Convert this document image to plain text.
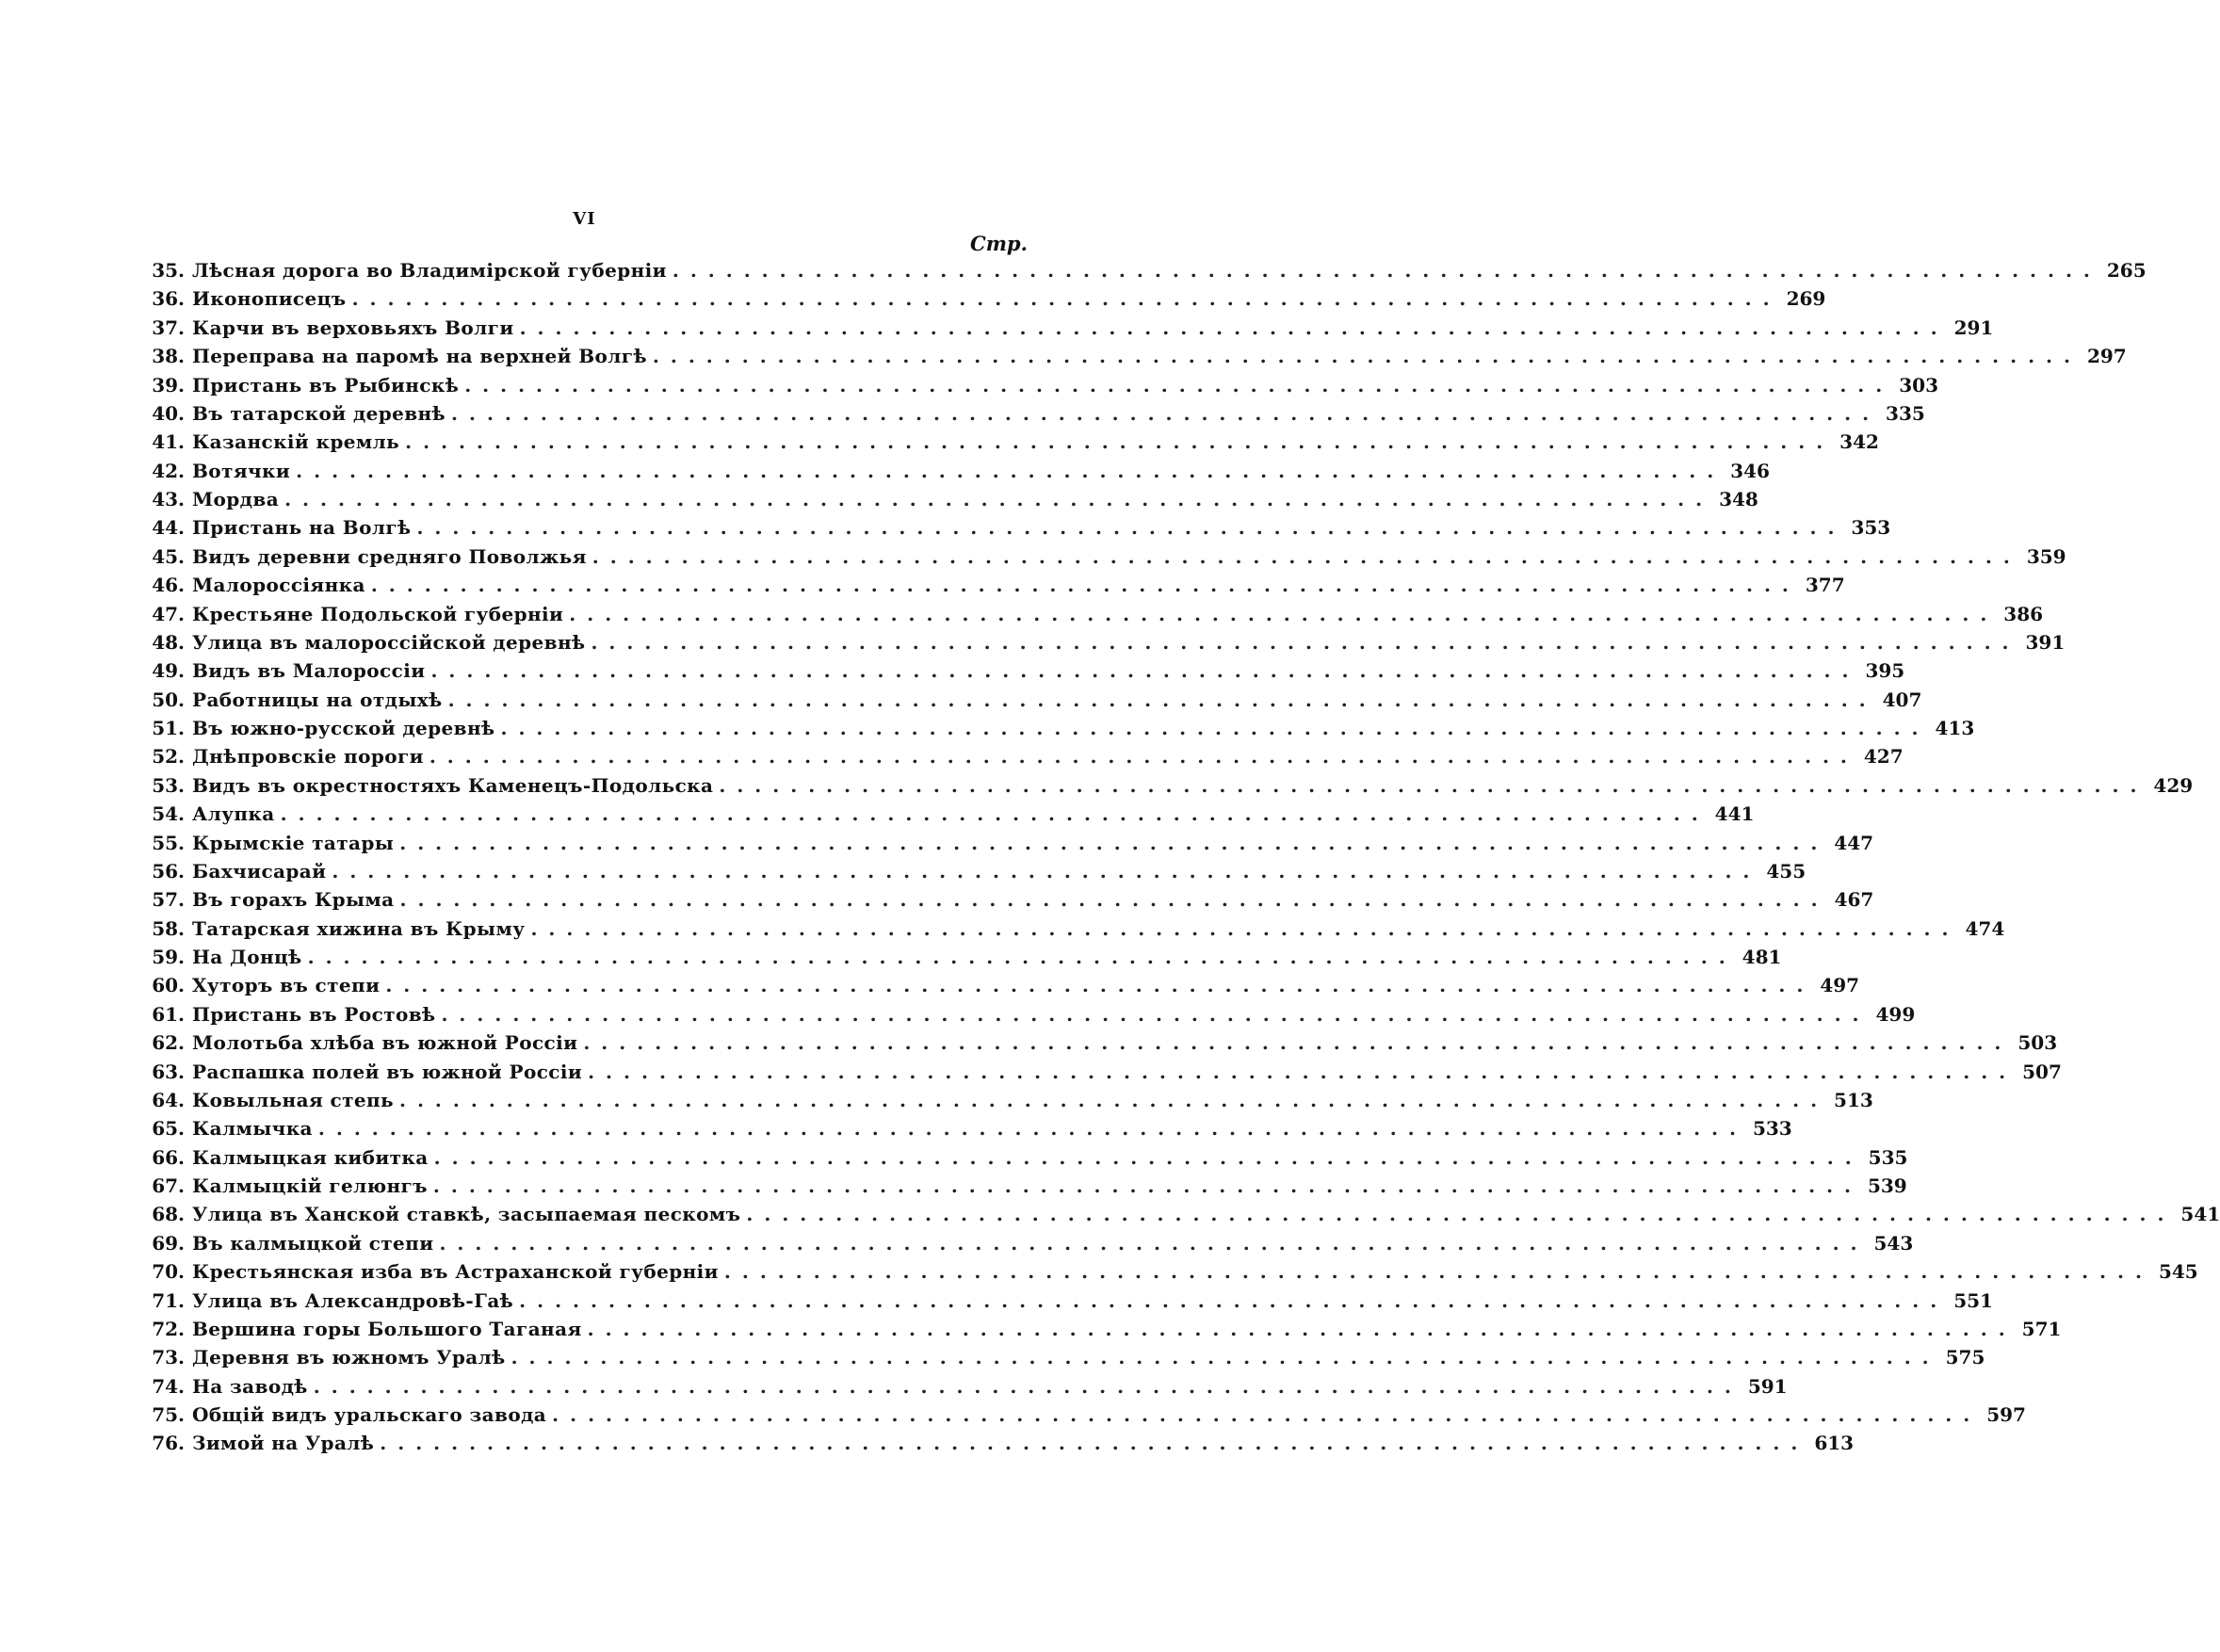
VI
Стр.
35. Лѣсная дорога во Владимірской губерніи ................................................................................ 265
36. Иконописецъ ................................................................................ 269
37. Карчи въ верховьяхъ Волги ................................................................................ 291
38. Переправа на паромѣ на верхней Волгѣ ................................................................................ 297
39. Пристань въ Рыбинскѣ ................................................................................ 303
40. Въ татарской деревнѣ ................................................................................ 335
41. Казанскій кремль ................................................................................ 342
42. Вотячки ................................................................................ 346
43. Мордва ................................................................................ 348
44. Пристань на Волгѣ ................................................................................ 353
45. Видъ деревни средняго Поволжья ................................................................................ 359
46. Малороссіянка ................................................................................ 377
47. Крестьяне Подольской губерніи ................................................................................ 386
48. Улица въ малороссійской деревнѣ ................................................................................ 391
49. Видъ въ Малороссіи ................................................................................ 395
50. Работницы на отдыхѣ ................................................................................ 407
51. Въ южно-русской деревнѣ ................................................................................ 413
52. Днѣпровскіе пороги ................................................................................ 427
53. Видъ въ окрестностяхъ Каменецъ-Подольска ................................................................................ 429
54. Алупка ................................................................................ 441
55. Крымскіе татары ................................................................................ 447
56. Бахчисарай ................................................................................ 455
57. Въ горахъ Крыма ................................................................................ 467
58. Татарская хижина въ Крыму ................................................................................ 474
59. На Донцѣ ................................................................................ 481
60. Хуторъ въ степи ................................................................................ 497
61. Пристань въ Ростовѣ ................................................................................ 499
62. Молотьба хлѣба въ южной Россіи ................................................................................ 503
63. Распашка полей въ южной Россіи ................................................................................ 507
64. Ковыльная степь ................................................................................ 513
65. Калмычка ................................................................................ 533
66. Калмыцкая кибитка ................................................................................ 535
67. Калмыцкій гелюнгъ ................................................................................ 539
68. Улица въ Ханской ставкѣ, засыпаемая пескомъ ................................................................................ 541
69. Въ калмыцкой степи ................................................................................ 543
70. Крестьянская изба въ Астраханской губерніи ................................................................................ 545
71. Улица въ Александровѣ-Гаѣ ................................................................................ 551
72. Вершина горы Большого Таганая ................................................................................ 571
73. Деревня въ южномъ Уралѣ ................................................................................ 575
74. На заводѣ ................................................................................ 591
75. Общій видъ уральскаго завода ................................................................................ 597
76. Зимой на Уралѣ ................................................................................ 613
